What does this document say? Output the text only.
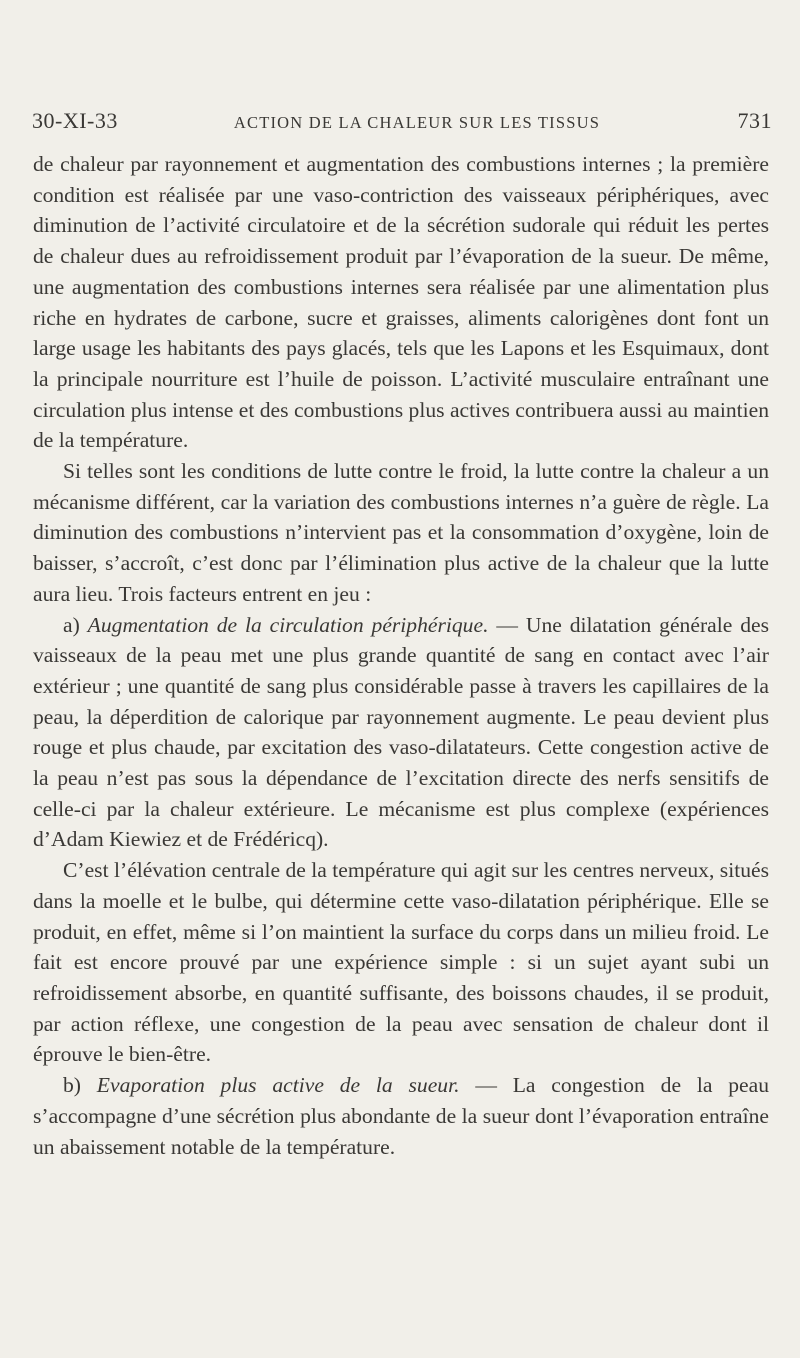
30-XI-33	ACTION DE LA CHALEUR SUR LES TISSUS	731

de chaleur par rayonnement et augmentation des combustions internes ; la première condition est réalisée par une vaso-contriction des vaisseaux périphériques, avec diminution de l’activité circulatoire et de la sécrétion sudorale qui réduit les pertes de chaleur dues au refroidissement produit par l’évaporation de la sueur. De même, une augmentation des combustions internes sera réalisée par une alimentation plus riche en hydrates de carbone, sucre et graisses, aliments calorigènes dont font un large usage les habitants des pays glacés, tels que les Lapons et les Esquimaux, dont la principale nourriture est l’huile de poisson. L’activité musculaire entraînant une circulation plus intense et des combustions plus actives contribuera aussi au maintien de la température.

Si telles sont les conditions de lutte contre le froid, la lutte contre la chaleur a un mécanisme différent, car la variation des combustions internes n’a guère de règle. La diminution des combustions n’intervient pas et la consommation d’oxygène, loin de baisser, s’accroît, c’est donc par l’élimination plus active de la chaleur que la lutte aura lieu. Trois facteurs entrent en jeu :

a) Augmentation de la circulation périphérique. — Une dilatation générale des vaisseaux de la peau met une plus grande quantité de sang en contact avec l’air extérieur ; une quantité de sang plus considérable passe à travers les capillaires de la peau, la déperdition de calorique par rayonnement augmente. Le peau devient plus rouge et plus chaude, par excitation des vaso-dilatateurs. Cette congestion active de la peau n’est pas sous la dépendance de l’excitation directe des nerfs sensitifs de celle-ci par la chaleur extérieure. Le mécanisme est plus complexe (expériences d’Adam Kiewiez et de Frédéricq).

C’est l’élévation centrale de la température qui agit sur les centres nerveux, situés dans la moelle et le bulbe, qui détermine cette vaso-dilatation périphérique. Elle se produit, en effet, même si l’on maintient la surface du corps dans un milieu froid. Le fait est encore prouvé par une expérience simple : si un sujet ayant subi un refroidissement absorbe, en quantité suffisante, des boissons chaudes, il se produit, par action réflexe, une congestion de la peau avec sensation de chaleur dont il éprouve le bien-être.

b) Evaporation plus active de la sueur. — La congestion de la peau s’accompagne d’une sécrétion plus abondante de la sueur dont l’évaporation entraîne un abaissement notable de la température.
